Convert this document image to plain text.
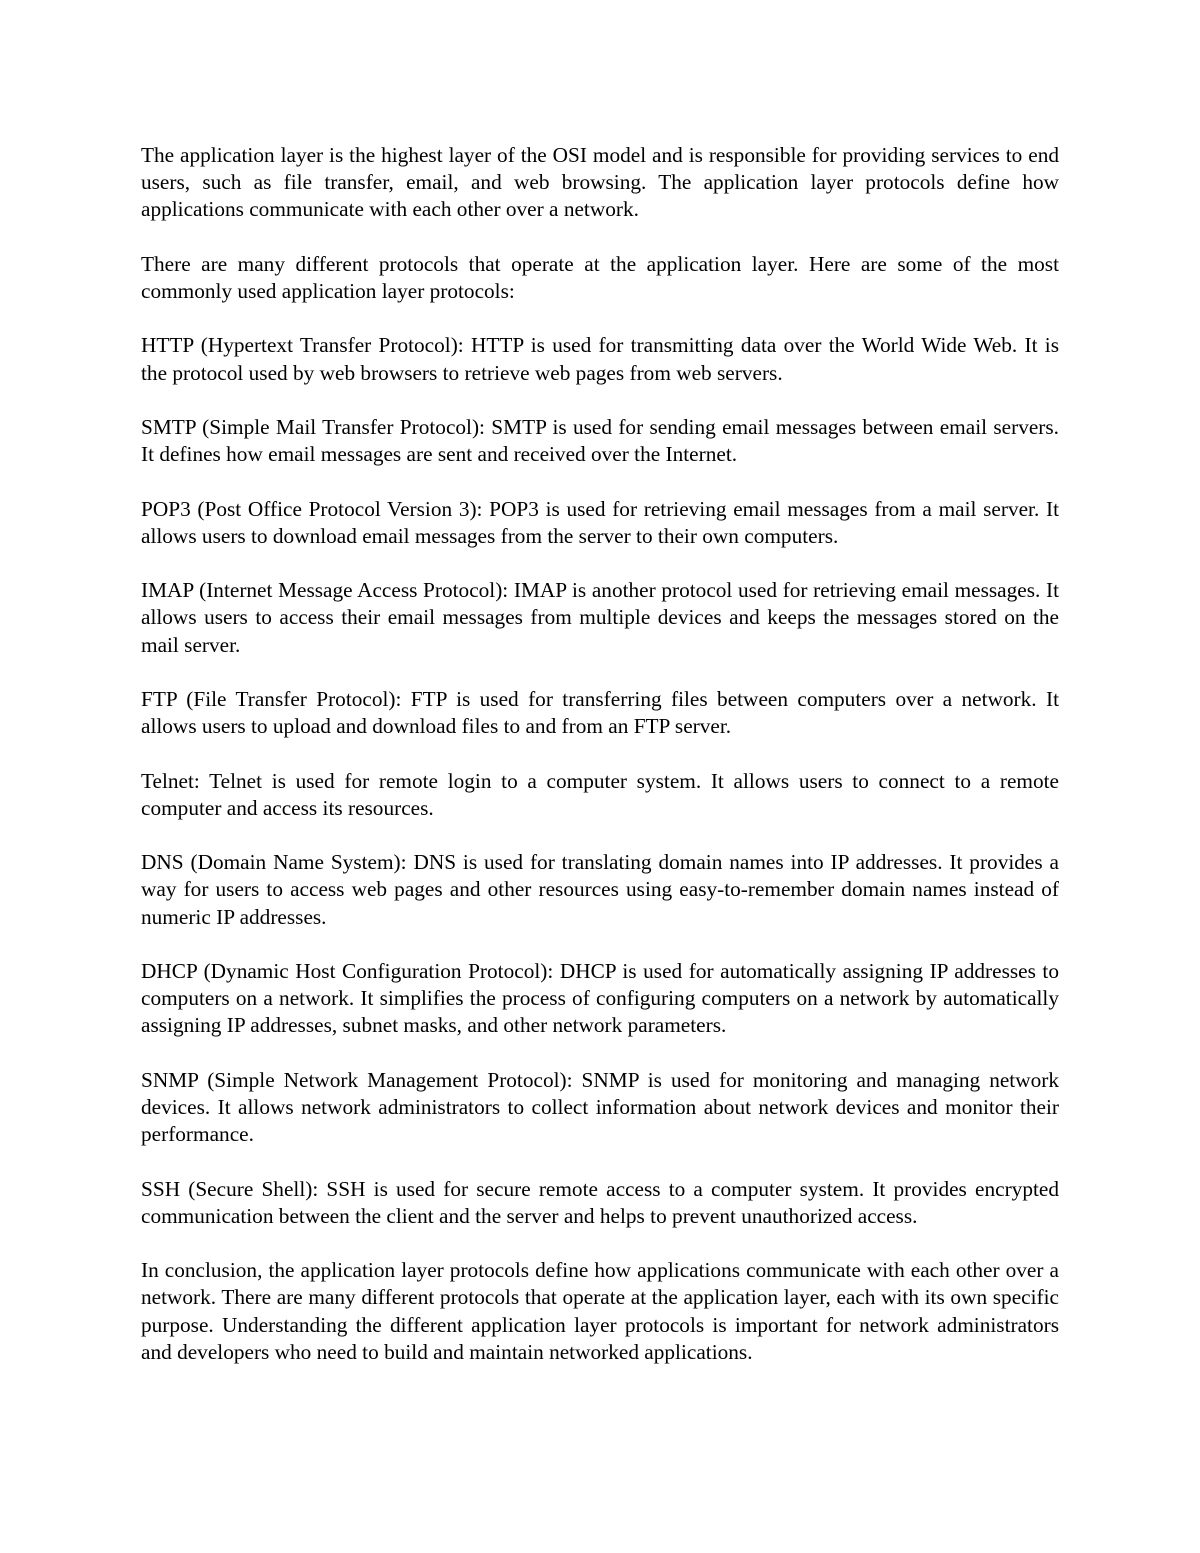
The application layer is the highest layer of the OSI model and is responsible for providing services to end users, such as file transfer, email, and web browsing. The application layer protocols define how applications communicate with each other over a network.

There are many different protocols that operate at the application layer. Here are some of the most commonly used application layer protocols:

HTTP (Hypertext Transfer Protocol): HTTP is used for transmitting data over the World Wide Web. It is the protocol used by web browsers to retrieve web pages from web servers.

SMTP (Simple Mail Transfer Protocol): SMTP is used for sending email messages between email servers. It defines how email messages are sent and received over the Internet.

POP3 (Post Office Protocol Version 3): POP3 is used for retrieving email messages from a mail server. It allows users to download email messages from the server to their own computers.

IMAP (Internet Message Access Protocol): IMAP is another protocol used for retrieving email messages. It allows users to access their email messages from multiple devices and keeps the messages stored on the mail server.

FTP (File Transfer Protocol): FTP is used for transferring files between computers over a network. It allows users to upload and download files to and from an FTP server.

Telnet: Telnet is used for remote login to a computer system. It allows users to connect to a remote computer and access its resources.

DNS (Domain Name System): DNS is used for translating domain names into IP addresses. It provides a way for users to access web pages and other resources using easy-to-remember domain names instead of numeric IP addresses.

DHCP (Dynamic Host Configuration Protocol): DHCP is used for automatically assigning IP addresses to computers on a network. It simplifies the process of configuring computers on a network by automatically assigning IP addresses, subnet masks, and other network parameters.

SNMP (Simple Network Management Protocol): SNMP is used for monitoring and managing network devices. It allows network administrators to collect information about network devices and monitor their performance.

SSH (Secure Shell): SSH is used for secure remote access to a computer system. It provides encrypted communication between the client and the server and helps to prevent unauthorized access.

In conclusion, the application layer protocols define how applications communicate with each other over a network. There are many different protocols that operate at the application layer, each with its own specific purpose. Understanding the different application layer protocols is important for network administrators and developers who need to build and maintain networked applications.
